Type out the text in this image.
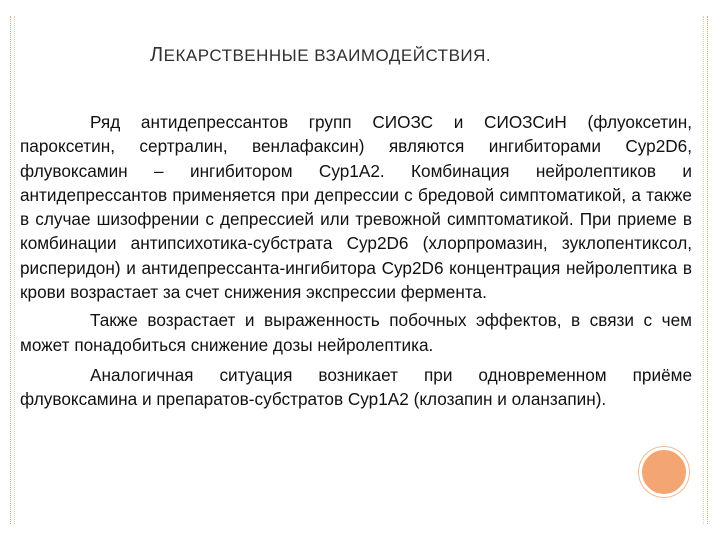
ЛЕКАРСТВЕННЫЕ ВЗАИМОДЕЙСТВИЯ.

Ряд антидепрессантов групп СИОЗС и СИОЗСиН (флуоксетин, пароксетин, сертралин, венлафаксин) являются ингибиторами Сур2D6, флувоксамин – ингибитором Сур1А2. Комбинация нейролептиков и антидепрессантов применяется при депрессии с бредовой симптоматикой, а также в случае шизофрении с депрессией или тревожной симптоматикой. При приеме в комбинации антипсихотика-субстрата Сур2D6 (хлорпромазин, зуклопентиксол, рисперидон) и антидепрессанта-ингибитора Сур2D6 концентрация нейролептика в крови возрастает за счет снижения экспрессии фермента.

Также возрастает и выраженность побочных эффектов, в связи с чем может понадобиться снижение дозы нейролептика.

Аналогичная ситуация возникает при одновременном приёме флувоксамина и препаратов-субстратов Сур1А2 (клозапин и оланзапин).
